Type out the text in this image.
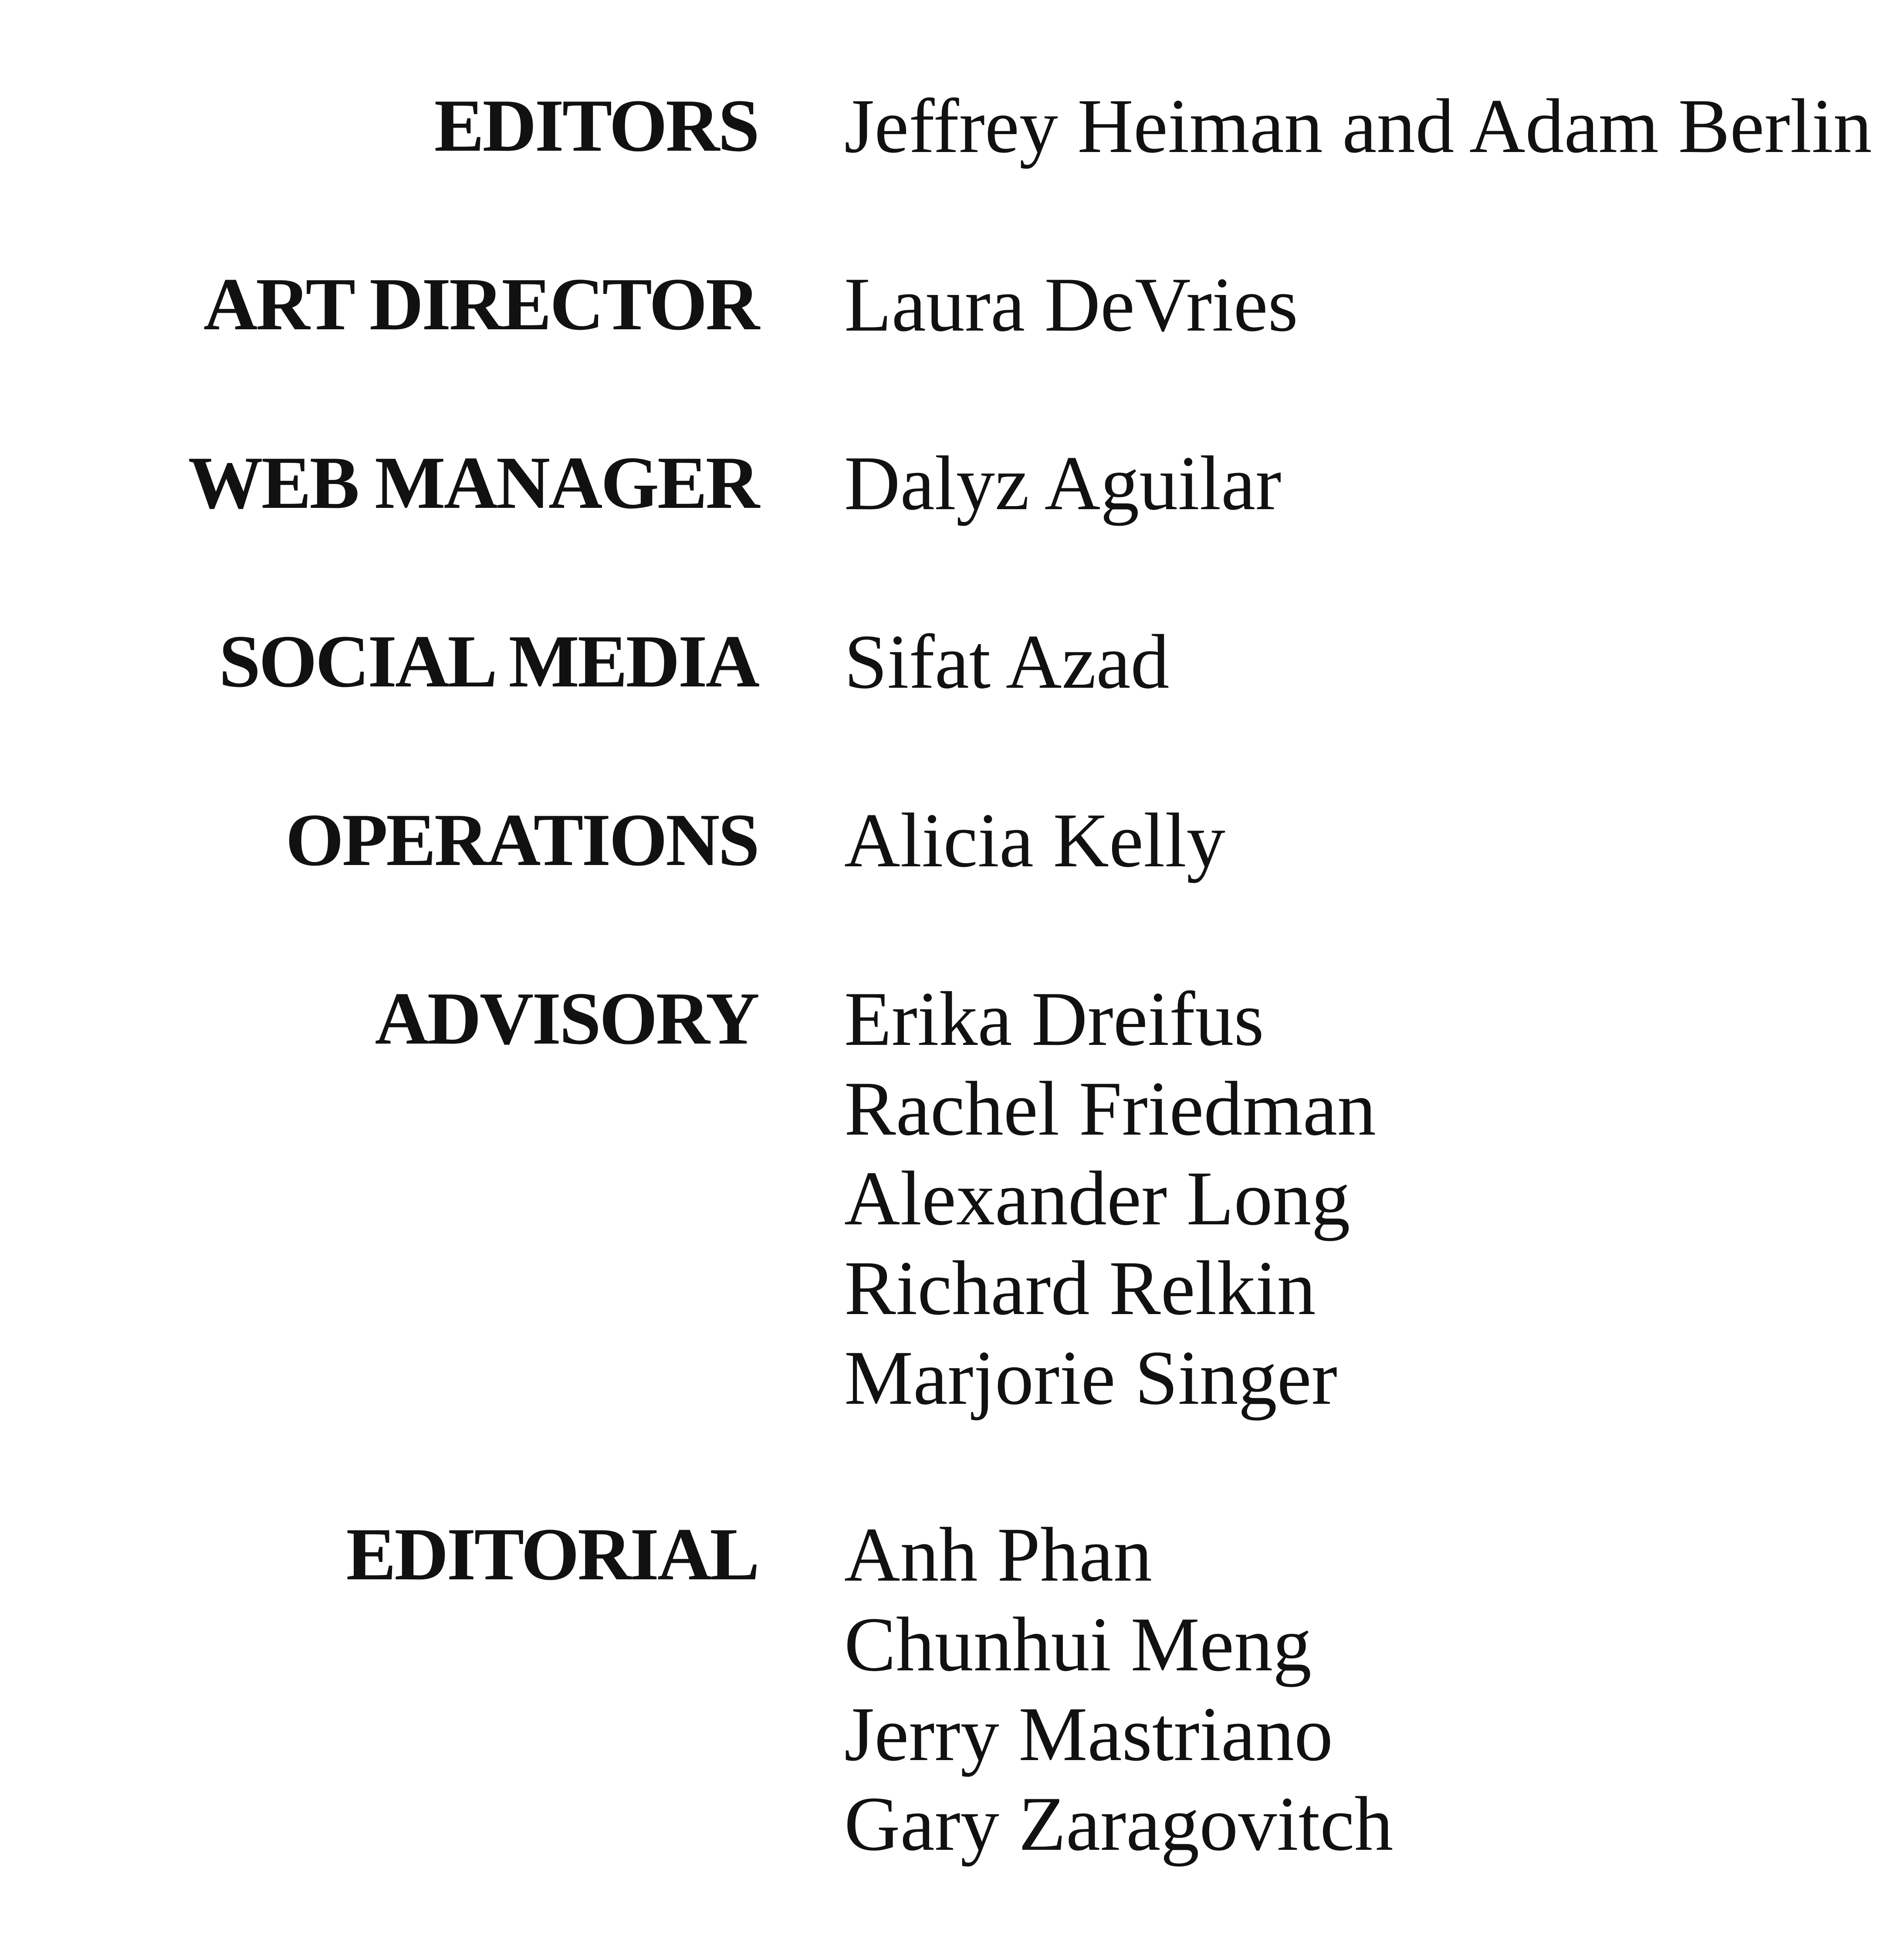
EDITORS Jeffrey Heiman and Adam Berlin
ART DIRECTOR Laura DeVries
WEB MANAGER Dalyz Aguilar
SOCIAL MEDIA Sifat Azad
OPERATIONS Alicia Kelly
ADVISORY Erika Dreifus
Rachel Friedman
Alexander Long
Richard Relkin
Marjorie Singer
EDITORIAL Anh Phan
Chunhui Meng
Jerry Mastriano
Gary Zaragovitch
